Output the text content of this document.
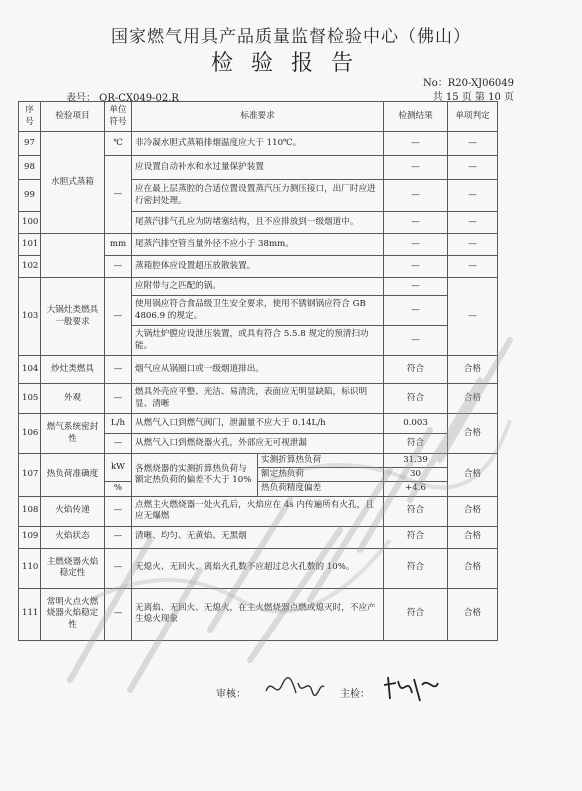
国家燃气用具产品质量监督检验中心（佛山）
检验报告
No：R20-XJ06049
表号： QR-CX049-02.R	共 15 页 第 10 页
序号	检验项目	单位符号	标准要求		检测结果	单项判定
97	水胆式蒸箱	℃	非冷凝水胆式蒸箱排烟温度应大于 110℃。		—	—
98		—	应设置自动补水和水过量保护装置		—	—
99			应在最上层蒸腔的合适位置设置蒸汽压力测压接口，出厂时应进行密封处理。		—	—
100			尾蒸汽排气孔应为防堵塞结构，且不应排放到一级烟道中。		—	—
101		mm	尾蒸汽排空管当量外径不应小于 38mm。		—	—
102		—	蒸箱腔体应设置超压放散装置。		—	—
103	大锅灶类燃具一般要求	—	应附带与之匹配的锅。		—	—
			使用锅应符合食品级卫生安全要求，使用不锈钢锅应符合 GB 4806.9 的规定。		—	
			大锅灶炉膛应设泄压装置，或具有符合 5.5.8 规定的预清扫功能。		—	
104	炒灶类燃具	—	烟气应从锅圈口或一级烟道排出。		符合	合格
105	外观	—	燃具外壳应平整、光洁、易清洗，表面应无明显缺陷，标识明显、清晰		符合	合格
106	燃气系统密封性	L/h	从燃气入口到燃气阀门，泄漏量不应大于 0.14L/h		0.003	合格
		—	从燃气入口到燃烧器火孔，外部应无可视泄漏		符合	
107	热负荷准确度	kW	各燃烧器的实测折算热负荷与额定热负荷的偏差不大于 10%	实测折算热负荷	31.39	合格
				额定热负荷	30	
		%		热负荷精度偏差	+4.6	
108	火焰传递	—	点燃主火燃烧器一处火孔后，火焰应在 4s 内传遍所有火孔，且应无爆燃		符合	合格
109	火焰状态	—	清晰、均匀、无黄焰、无黑烟		符合	合格
110	主燃烧器火焰稳定性	—	无熄火、无回火、离焰火孔数不应超过总火孔数的 10%。		符合	合格
111	常明火点火燃烧器火焰稳定性	—	无离焰、无回火、无熄火，在主火燃烧器点燃或熄灭时，不应产生熄火现象		符合	合格
审核：	主检：
